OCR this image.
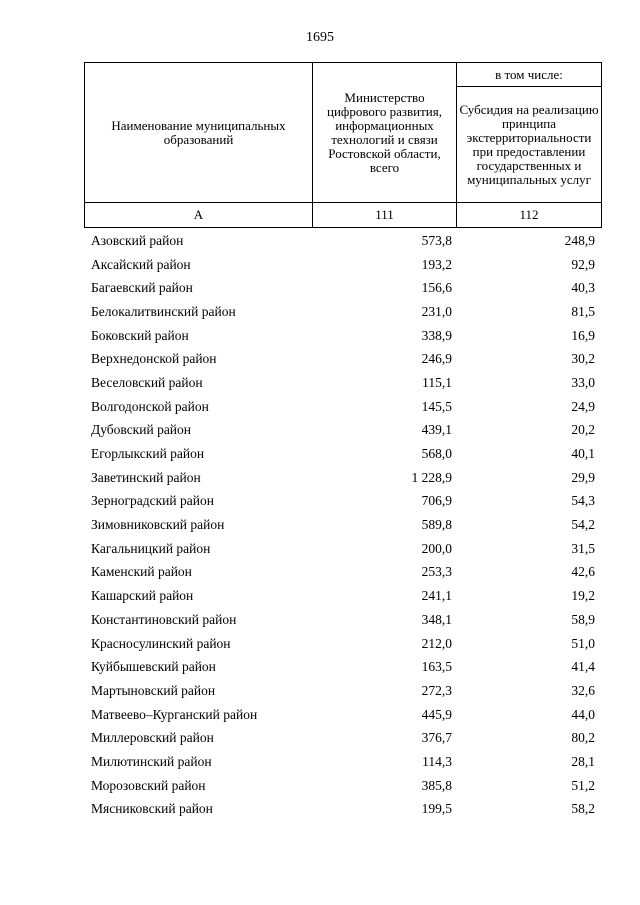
1695
Наименование муниципальных образований	Министерство цифрового развития, информационных технологий и связи Ростовской области, всего	в том числе:
		Субсидия на реализацию принципа экстерриториальности при предоставлении государственных и муниципальных услуг
А	111	112
Азовский район	573,8	248,9
Аксайский район	193,2	92,9
Багаевский район	156,6	40,3
Белокалитвинский район	231,0	81,5
Боковский район	338,9	16,9
Верхнедонской район	246,9	30,2
Веселовский район	115,1	33,0
Волгодонской район	145,5	24,9
Дубовский район	439,1	20,2
Егорлыкский район	568,0	40,1
Заветинский район	1 228,9	29,9
Зерноградский район	706,9	54,3
Зимовниковский район	589,8	54,2
Кагальницкий район	200,0	31,5
Каменский район	253,3	42,6
Кашарский район	241,1	19,2
Константиновский район	348,1	58,9
Красносулинский район	212,0	51,0
Куйбышевский район	163,5	41,4
Мартыновский район	272,3	32,6
Матвеево–Курганский район	445,9	44,0
Миллеровский район	376,7	80,2
Милютинский район	114,3	28,1
Морозовский район	385,8	51,2
Мясниковский район	199,5	58,2
